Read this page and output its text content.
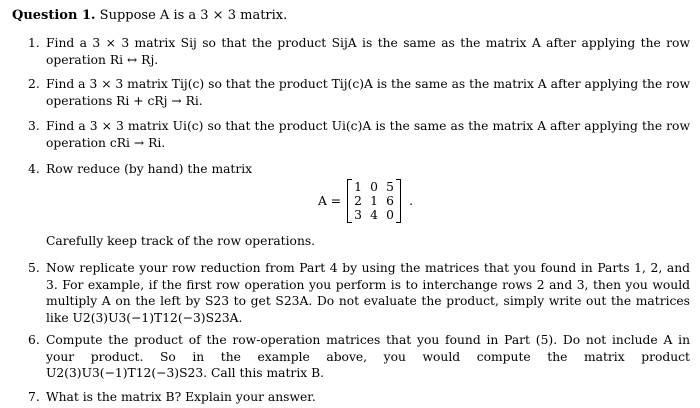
Question 1. Suppose A is a 3 × 3 matrix.
1. Find a 3 × 3 matrix Sij so that the product SijA is the same as the matrix A after applying the row operation Ri ↔ Rj.
2. Find a 3 × 3 matrix Tij(c) so that the product Tij(c)A is the same as the matrix A after applying the row operations Ri + cRj → Ri.
3. Find a 3 × 3 matrix Ui(c) so that the product Ui(c)A is the same as the matrix A after applying the row operation cRi → Ri.
4. Row reduce (by hand) the matrix
A =
1 0 5
2 1 6
3 4 0
.
Carefully keep track of the row operations.
5. Now replicate your row reduction from Part 4 by using the matrices that you found in Parts 1, 2, and 3. For example, if the first row operation you perform is to interchange rows 2 and 3, then you would multiply A on the left by S23 to get S23A. Do not evaluate the product, simply write out the matrices like U2(3)U3(−1)T12(−3)S23A.
6. Compute the product of the row-operation matrices that you found in Part (5). Do not include A in your product. So in the example above, you would compute the matrix product U2(3)U3(−1)T12(−3)S23. Call this matrix B.
7. What is the matrix B? Explain your answer.
